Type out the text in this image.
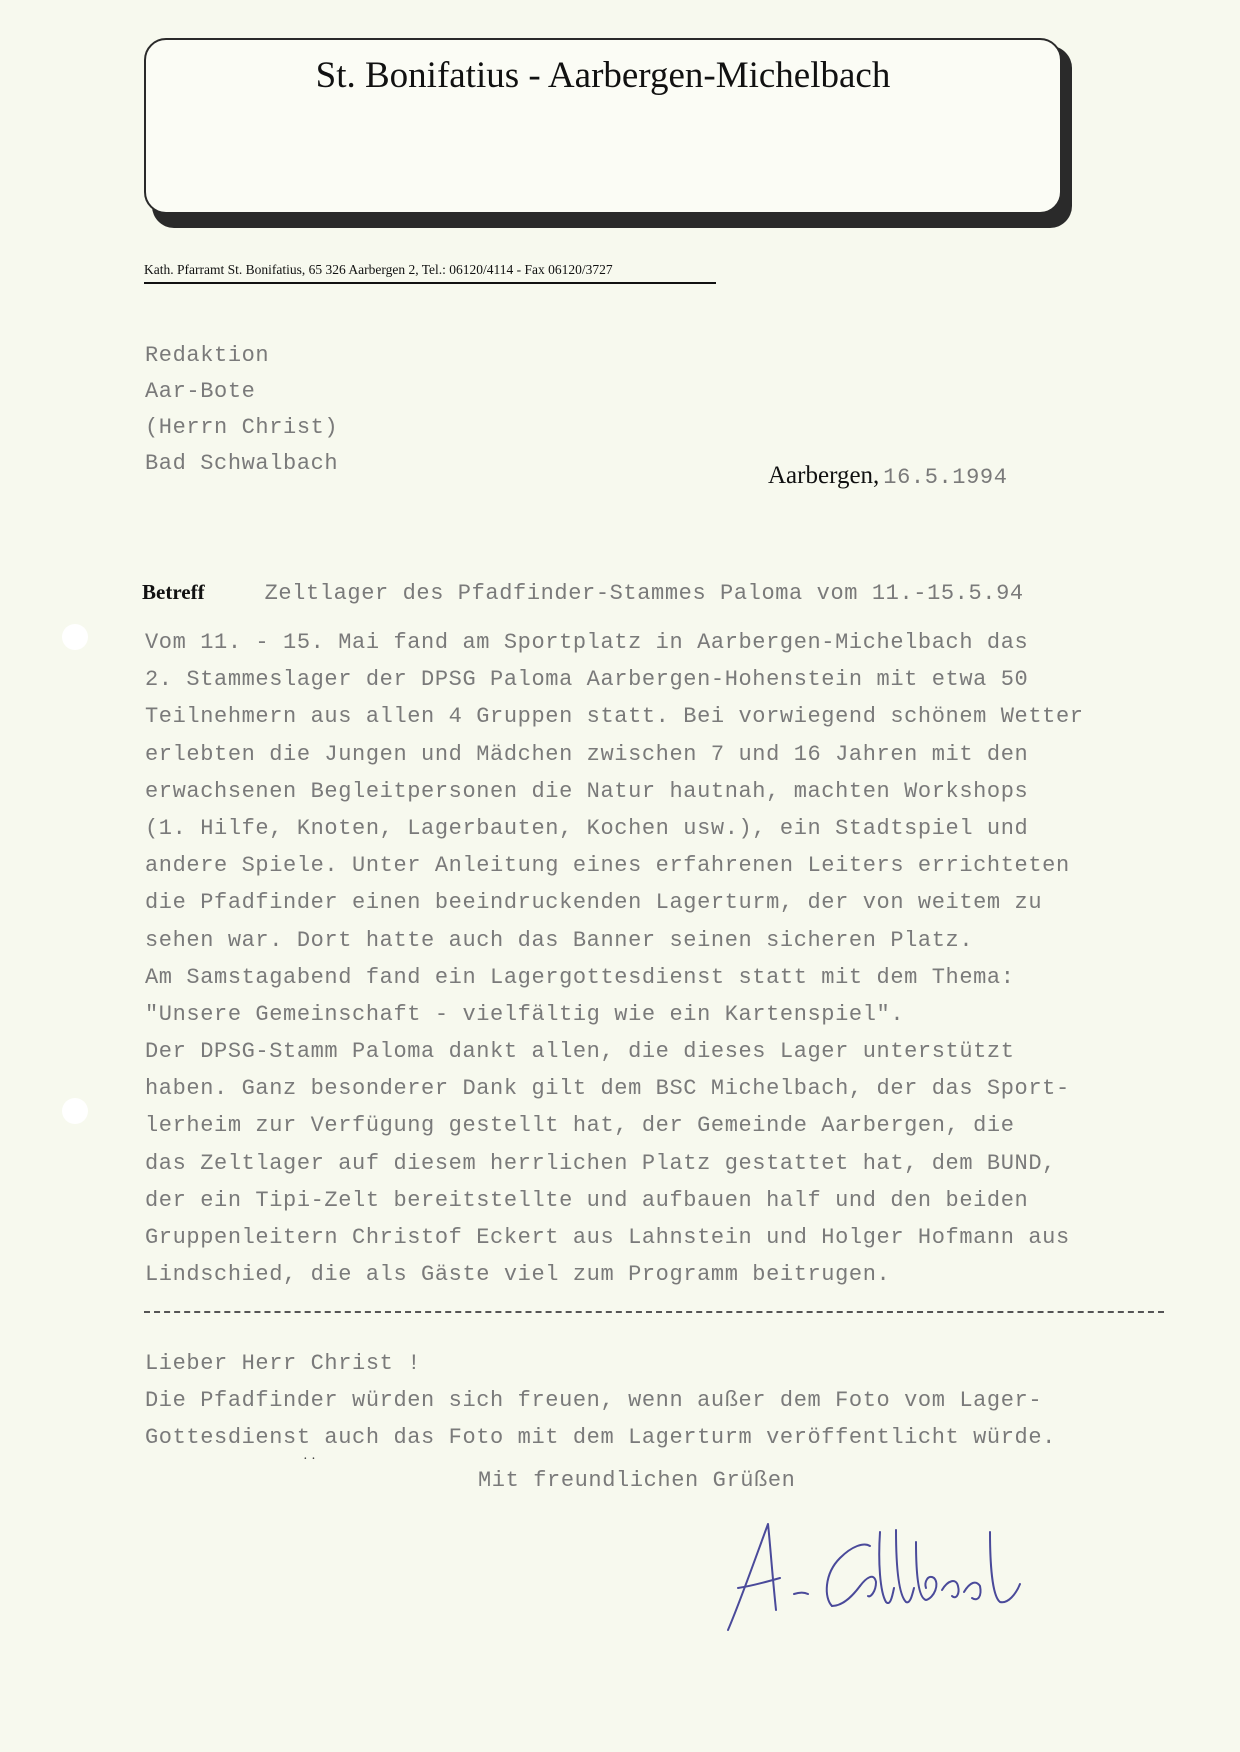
St. Bonifatius - Aarbergen-Michelbach
Kath. Pfarramt St. Bonifatius, 65 326 Aarbergen 2, Tel.: 06120/4114 - Fax 06120/3727
Redaktion
Aar-Bote
(Herrn Christ)
Bad Schwalbach	Aarbergen, 16.5.1994
Betreff	Zeltlager des Pfadfinder-Stammes Paloma vom 11.-15.5.94
Vom 11. - 15. Mai fand am Sportplatz in Aarbergen-Michelbach das
2. Stammeslager der DPSG Paloma Aarbergen-Hohenstein mit etwa 50
Teilnehmern aus allen 4 Gruppen statt. Bei vorwiegend schönem Wetter
erlebten die Jungen und Mädchen zwischen 7 und 16 Jahren mit den
erwachsenen Begleitpersonen die Natur hautnah, machten Workshops
(1. Hilfe, Knoten, Lagerbauten, Kochen usw.), ein Stadtspiel und
andere Spiele. Unter Anleitung eines erfahrenen Leiters errichteten
die Pfadfinder einen beeindruckenden Lagerturm, der von weitem zu
sehen war. Dort hatte auch das Banner seinen sicheren Platz.
Am Samstagabend fand ein Lagergottesdienst statt mit dem Thema:
"Unsere Gemeinschaft - vielfältig wie ein Kartenspiel".
Der DPSG-Stamm Paloma dankt allen, die dieses Lager unterstützt
haben. Ganz besonderer Dank gilt dem BSC Michelbach, der das Sport-
lerheim zur Verfügung gestellt hat, der Gemeinde Aarbergen, die
das Zeltlager auf diesem herrlichen Platz gestattet hat, dem BUND,
der ein Tipi-Zelt bereitstellte und aufbauen half und den beiden
Gruppenleitern Christof Eckert aus Lahnstein und Holger Hofmann aus
Lindschied, die als Gäste viel zum Programm beitrugen.
Lieber Herr Christ !
Die Pfadfinder würden sich freuen, wenn außer dem Foto vom Lager-
Gottesdienst auch das Foto mit dem Lagerturm veröffentlicht würde.
· ·
Mit freundlichen Grüßen
